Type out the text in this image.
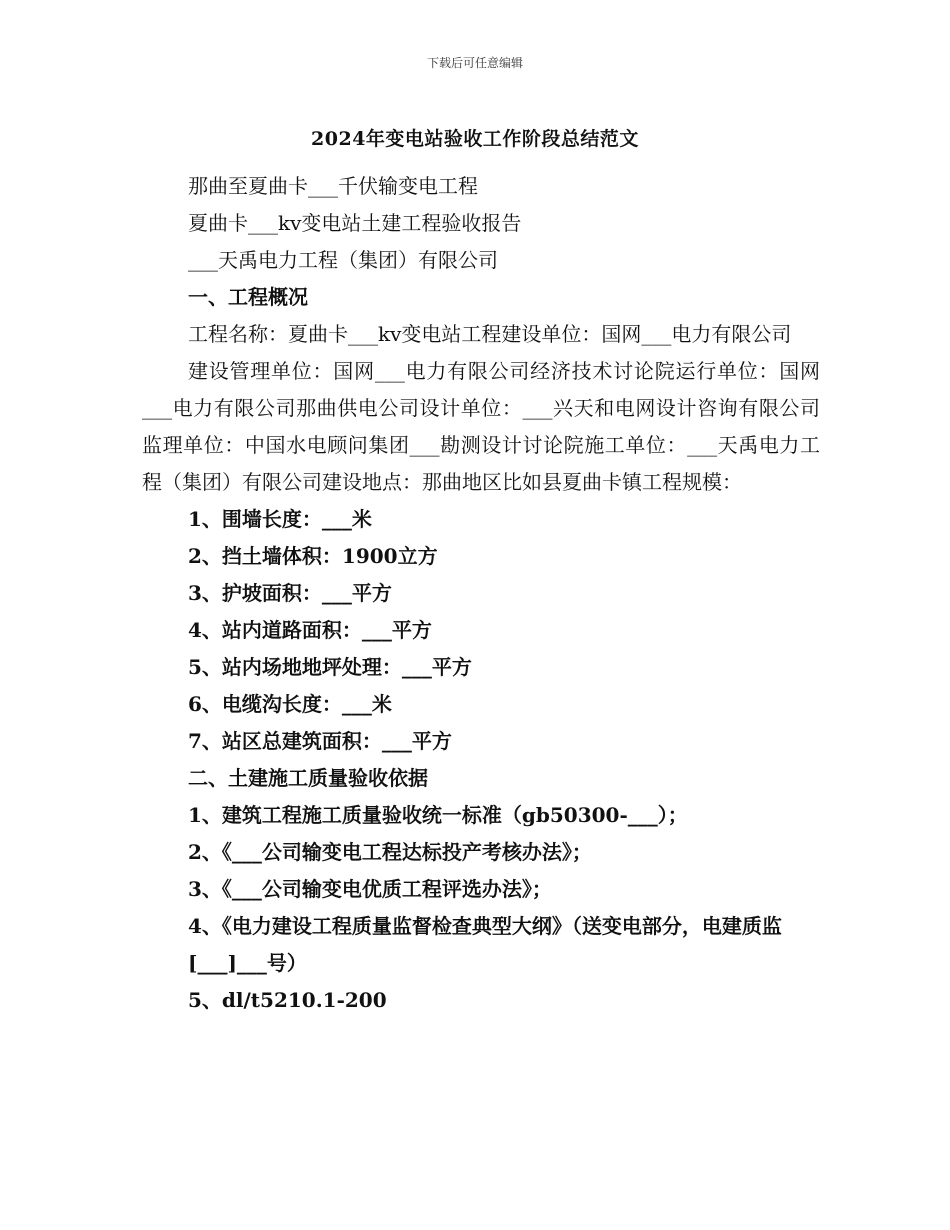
下载后可任意编辑
2024年变电站验收工作阶段总结范文

那曲至夏曲卡___千伏输变电工程

夏曲卡___kv变电站土建工程验收报告

___天禹电力工程（集团）有限公司

一、工程概况

工程名称：夏曲卡___kv变电站工程建设单位：国网___电力有限公司

建设管理单位：国网___电力有限公司经济技术讨论院运行单位：国网___电力有限公司那曲供电公司设计单位：___兴天和电网设计咨询有限公司监理单位：中国水电顾问集团___勘测设计讨论院施工单位：___天禹电力工程（集团）有限公司建设地点：那曲地区比如县夏曲卡镇工程规模：

1、围墙长度：___米

2、挡土墙体积：1900立方

3、护坡面积：___平方

4、站内道路面积：___平方

5、站内场地地坪处理：___平方

6、电缆沟长度：___米

7、站区总建筑面积：___平方

二、土建施工质量验收依据

1、建筑工程施工质量验收统一标准（gb50300-___）；

2、《___公司输变电工程达标投产考核办法》；

3、《___公司输变电优质工程评选办法》；

4、《电力建设工程质量监督检查典型大纲》（送变电部分，电建质监[___]___号）

5、dl/t5210.1-200
